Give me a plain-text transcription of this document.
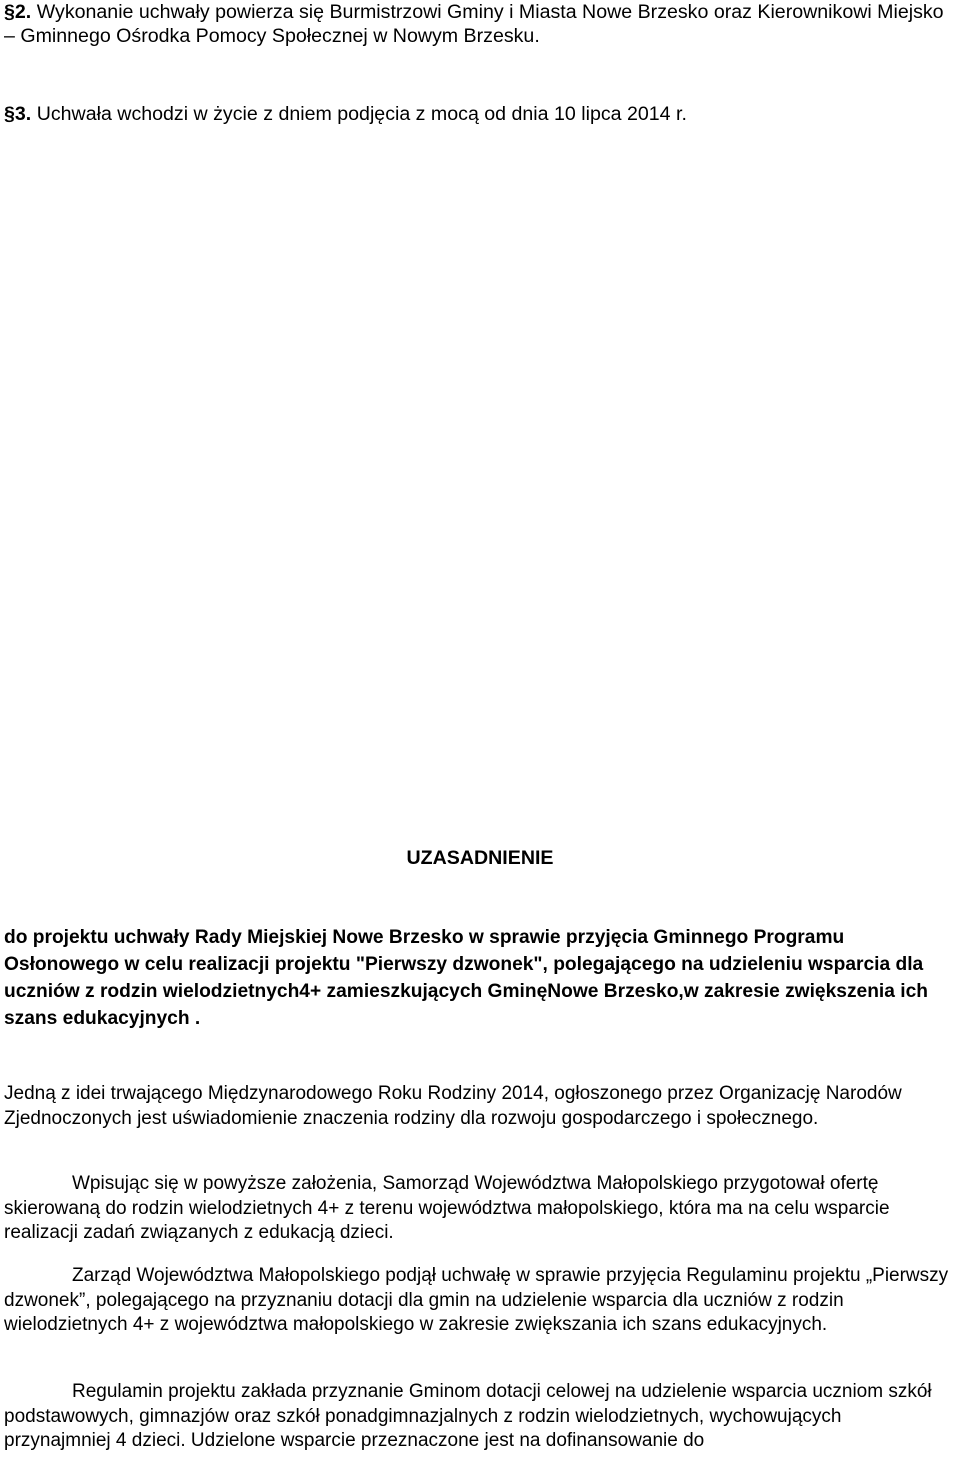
§2. Wykonanie uchwały powierza się Burmistrzowi Gminy i Miasta Nowe Brzesko oraz Kierownikowi Miejsko – Gminnego Ośrodka Pomocy Społecznej w Nowym Brzesku.
§3. Uchwała wchodzi w życie z dniem podjęcia z mocą od dnia 10 lipca 2014 r.
UZASADNIENIE

do projektu uchwały Rady Miejskiej Nowe Brzesko w sprawie przyjęcia Gminnego Programu Osłonowego w celu realizacji projektu "Pierwszy dzwonek", polegającego na udzieleniu wsparcia dla uczniów z rodzin wielodzietnych4+ zamieszkujących GminęNowe Brzesko,w zakresie zwiększenia ich szans edukacyjnych .

Jedną z idei trwającego Międzynarodowego Roku Rodziny 2014, ogłoszonego przez Organizację Narodów Zjednoczonych jest uświadomienie znaczenia rodziny dla rozwoju gospodarczego i społecznego.

Wpisując się w powyższe założenia, Samorząd Województwa Małopolskiego przygotował ofertę skierowaną do rodzin wielodzietnych 4+ z terenu województwa małopolskiego, która ma na celu wsparcie realizacji zadań związanych z edukacją dzieci.

Zarząd Województwa Małopolskiego podjął uchwałę w sprawie przyjęcia Regulaminu projektu „Pierwszy dzwonek”, polegającego na przyznaniu dotacji dla gmin na udzielenie wsparcia dla uczniów z rodzin wielodzietnych 4+ z województwa małopolskiego w zakresie zwiększania ich szans edukacyjnych.

Regulamin projektu zakłada przyznanie Gminom dotacji celowej na udzielenie wsparcia uczniom szkół podstawowych, gimnazjów oraz szkół ponadgimnazjalnych z rodzin wielodzietnych, wychowujących przynajmniej 4 dzieci. Udzielone wsparcie przeznaczone jest na dofinansowanie do
